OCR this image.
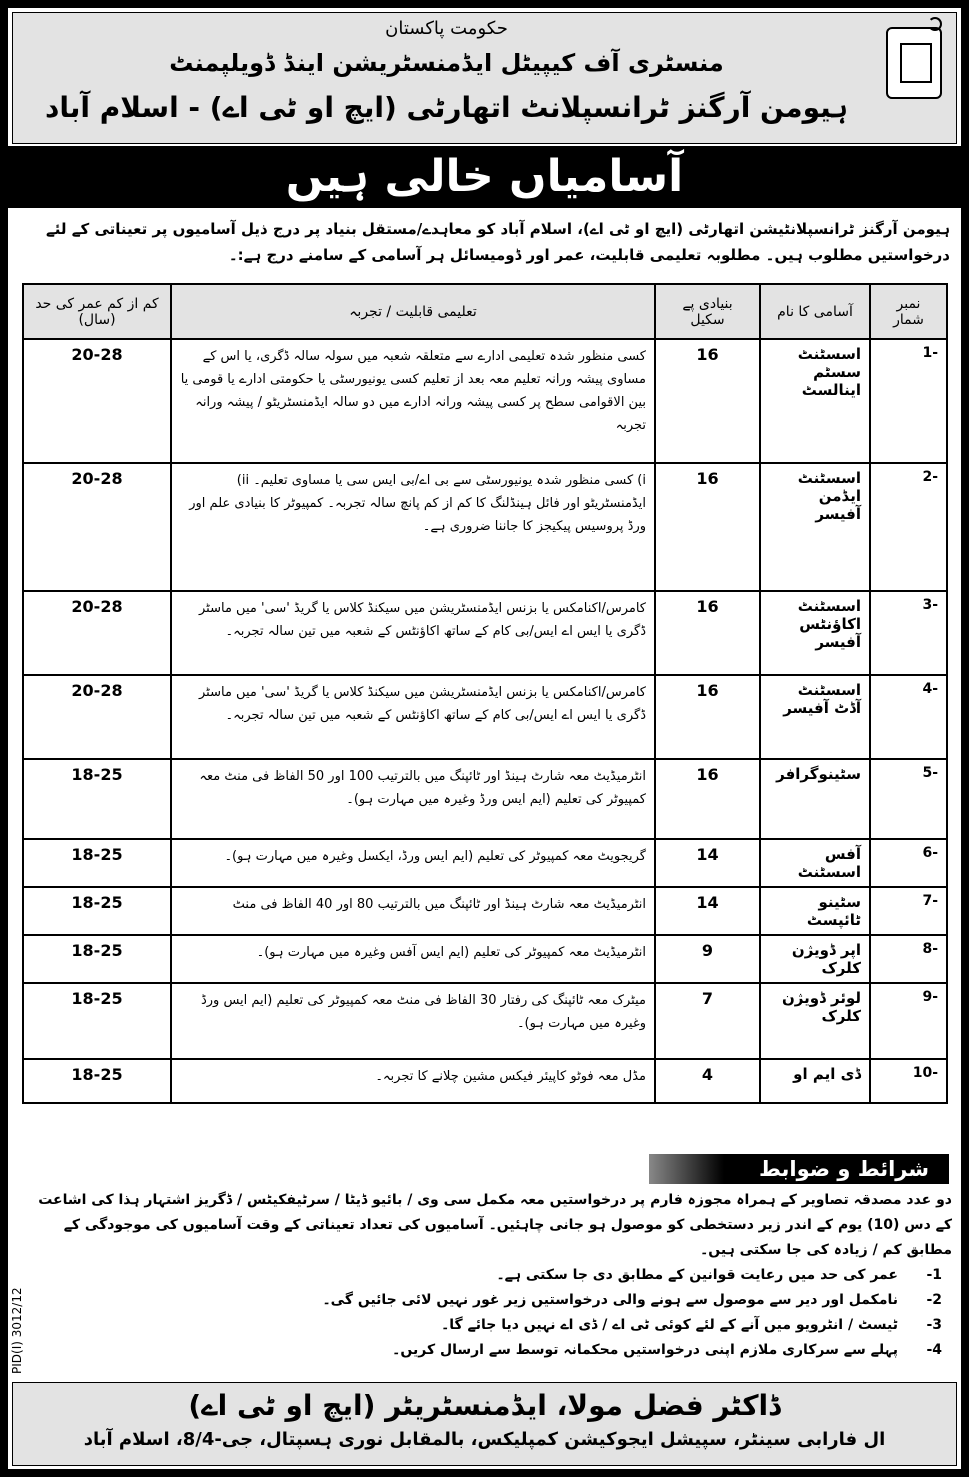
حکومت پاکستان
منسٹری آف کیپیٹل ایڈمنسٹریشن اینڈ ڈویلپمنٹ
ہیومن آرگنز ٹرانسپلانٹ اتھارٹی (ایچ او ٹی اے) - اسلام آباد
آسامیاں خالی ہیں
ہیومن آرگنز ٹرانسپلانٹیشن اتھارٹی (ایچ او ٹی اے)، اسلام آباد کو معاہدے/مستقل بنیاد پر درج ذیل آسامیوں پر تعیناتی کے لئے درخواستیں مطلوب ہیں۔ مطلوبہ تعلیمی قابلیت، عمر اور ڈومیسائل ہر آسامی کے سامنے درج ہے:۔
نمبر شمار	آسامی کا نام	بنیادی پے سکیل	تعلیمی قابلیت / تجربہ	کم از کم عمر کی حد (سال)
-1	اسسٹنٹ سسٹم اینالسٹ	16	کسی منظور شدہ تعلیمی ادارے سے متعلقہ شعبہ میں سولہ سالہ ڈگری، یا اس کے مساوی پیشہ ورانہ تعلیم معہ بعد از تعلیم کسی یونیورسٹی یا حکومتی ادارے یا قومی یا بین الاقوامی سطح پر کسی پیشہ ورانہ ادارے میں دو سالہ ایڈمنسٹریٹو / پیشہ ورانہ تجربہ	20-28
-2	اسسٹنٹ ایڈمن آفیسر	16	i) کسی منظور شدہ یونیورسٹی سے بی اے/بی ایس سی یا مساوی تعلیم۔ ii) ایڈمنسٹریٹو اور فائل ہینڈلنگ کا کم از کم پانچ سالہ تجربہ۔ کمپیوٹر کا بنیادی علم اور ورڈ پروسیس پیکیجز کا جاننا ضروری ہے۔	20-28
-3	اسسٹنٹ اکاؤنٹس آفیسر	16	کامرس/اکنامکس یا بزنس ایڈمنسٹریشن میں سیکنڈ کلاس یا گریڈ 'سی' میں ماسٹر ڈگری یا ایس اے ایس/بی کام کے ساتھ اکاؤنٹس کے شعبہ میں تین سالہ تجربہ۔	20-28
-4	اسسٹنٹ آڈٹ آفیسر	16	کامرس/اکنامکس یا بزنس ایڈمنسٹریشن میں سیکنڈ کلاس یا گریڈ 'سی' میں ماسٹر ڈگری یا ایس اے ایس/بی کام کے ساتھ اکاؤنٹس کے شعبہ میں تین سالہ تجربہ۔	20-28
-5	سٹینوگرافر	16	انٹرمیڈیٹ معہ شارٹ ہینڈ اور ٹائپنگ میں بالترتیب 100 اور 50 الفاظ فی منٹ معہ کمپیوٹر کی تعلیم (ایم ایس ورڈ وغیرہ میں مہارت ہو)۔	18-25
-6	آفس اسسٹنٹ	14	گریجویٹ معہ کمپیوٹر کی تعلیم (ایم ایس ورڈ، ایکسل وغیرہ میں مہارت ہو)۔	18-25
-7	سٹینو ٹائپسٹ	14	انٹرمیڈیٹ معہ شارٹ ہینڈ اور ٹائپنگ میں بالترتیب 80 اور 40 الفاظ فی منٹ	18-25
-8	اپر ڈویژن کلرک	9	انٹرمیڈیٹ معہ کمپیوٹر کی تعلیم (ایم ایس آفس وغیرہ میں مہارت ہو)۔	18-25
-9	لوئر ڈویژن کلرک	7	میٹرک معہ ٹائپنگ کی رفتار 30 الفاظ فی منٹ معہ کمپیوٹر کی تعلیم (ایم ایس ورڈ وغیرہ میں مہارت ہو)۔	18-25
-10	ڈی ایم او	4	مڈل معہ فوٹو کاپیئر فیکس مشین چلانے کا تجربہ۔	18-25
شرائط و ضوابط

دو عدد مصدقہ تصاویر کے ہمراہ مجوزہ فارم پر درخواستیں معہ مکمل سی وی / بائیو ڈیٹا / سرٹیفکیٹس / ڈگریز اشتہار ہذا کی اشاعت کے دس (10) یوم کے اندر زیر دستخطی کو موصول ہو جانی چاہئیں۔ آسامیوں کی تعداد تعیناتی کے وقت آسامیوں کی موجودگی کے مطابق کم / زیادہ کی جا سکتی ہیں۔

-1
عمر کی حد میں رعایت قوانین کے مطابق دی جا سکتی ہے۔
-2
نامکمل اور دیر سے موصول سے ہونے والی درخواستیں زیر غور نہیں لائی جائیں گی۔
-3
ٹیسٹ / انٹرویو میں آنے کے لئے کوئی ٹی اے / ڈی اے نہیں دیا جائے گا۔
-4
پہلے سے سرکاری ملازم اپنی درخواستیں محکمانہ توسط سے ارسال کریں۔
PID(I) 3012/12
ڈاکٹر فضل مولا، ایڈمنسٹریٹر (ایچ او ٹی اے)
ال فارابی سینٹر، سپیشل ایجوکیشن کمپلیکس، بالمقابل نوری ہسپتال، جی-8/4، اسلام آباد
